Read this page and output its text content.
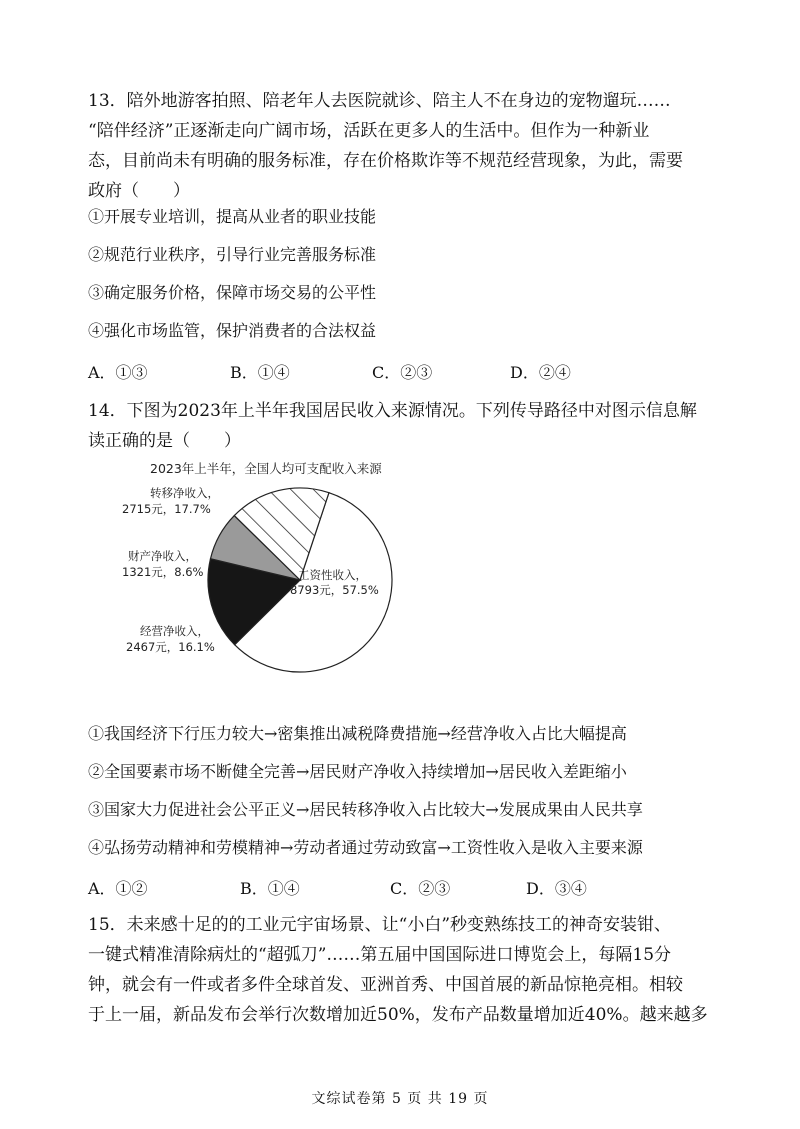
13．陪外地游客拍照、陪老年人去医院就诊、陪主人不在身边的宠物遛玩……
“陪伴经济”正逐渐走向广阔市场，活跃在更多人的生活中。但作为一种新业
态，目前尚未有明确的服务标准，存在价格欺诈等不规范经营现象，为此，需要
政府（　　）
①开展专业培训，提高从业者的职业技能
②规范行业秩序，引导行业完善服务标准
③确定服务价格，保障市场交易的公平性
④强化市场监管，保护消费者的合法权益
A．①③	B．①④	C．②③	D．②④
14．下图为2023年上半年我国居民收入来源情况。下列传导路径中对图示信息解
读正确的是（　　）
2023年上半年，全国人均可支配收入来源
工资性收入，
8793元，57.5%
经营净收入，
2467元，16.1%
财产净收入，
1321元，8.6%
转移净收入，
2715元，17.7%
①我国经济下行压力较大→密集推出减税降费措施→经营净收入占比大幅提高
②全国要素市场不断健全完善→居民财产净收入持续增加→居民收入差距缩小
③国家大力促进社会公平正义→居民转移净收入占比较大→发展成果由人民共享
④弘扬劳动精神和劳模精神→劳动者通过劳动致富→工资性收入是收入主要来源
A．①②	B．①④	C．②③	D．③④
15．未来感十足的的工业元宇宙场景、让“小白”秒变熟练技工的神奇安装钳、
一键式精准清除病灶的“超弧刀”……第五届中国国际进口博览会上，每隔15分
钟，就会有一件或者多件全球首发、亚洲首秀、中国首展的新品惊艳亮相。相较
于上一届，新品发布会举行次数增加近50%，发布产品数量增加近40%。越来越多
文综试卷第 5 页 共 19 页
